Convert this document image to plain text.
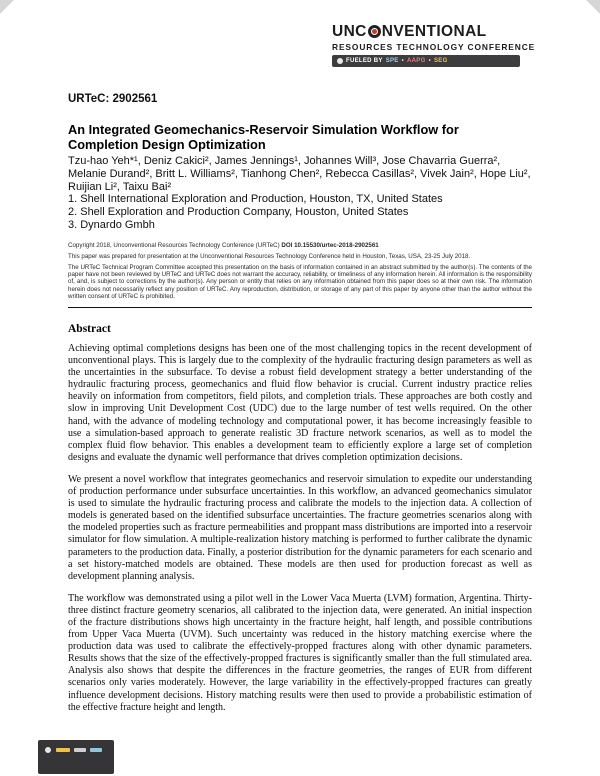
UNC NVENTIONAL
RESOURCES TECHNOLOGY CONFERENCE
FUELED BY SPE • AAPG • SEG
URTeC: 2902561
An Integrated Geomechanics-Reservoir Simulation Workflow for Completion Design Optimization
Tzu-hao Yeh*¹, Deniz Cakici², James Jennings¹, Johannes Will³, Jose Chavarria Guerra², Melanie Durand², Britt L. Williams², Tianhong Chen², Rebecca Casillas², Vivek Jain², Hope Liu², Ruijian Li², Taixu Bai²
1. Shell International Exploration and Production, Houston, TX, United States
2. Shell Exploration and Production Company, Houston, United States
3. Dynardo Gmbh

Copyright 2018, Unconventional Resources Technology Conference (URTeC) DOI 10.15530/urtec-2018-2902561

This paper was prepared for presentation at the Unconventional Resources Technology Conference held in Houston, Texas, USA, 23-25 July 2018.

The URTeC Technical Program Committee accepted this presentation on the basis of information contained in an abstract submitted by the author(s). The contents of the paper have not been reviewed by URTeC and URTeC does not warrant the accuracy, reliability, or timeliness of any information herein. All information is the responsibility of, and, is subject to corrections by the author(s). Any person or entity that relies on any information obtained from this paper does so at their own risk. The information herein does not necessarily reflect any position of URTeC. Any reproduction, distribution, or storage of any part of this paper by anyone other than the author without the written consent of URTeC is prohibited.

Abstract

Achieving optimal completions designs has been one of the most challenging topics in the recent development of unconventional plays. This is largely due to the complexity of the hydraulic fracturing design parameters as well as the uncertainties in the subsurface. To devise a robust field development strategy a better understanding of the hydraulic fracturing process, geomechanics and fluid flow behavior is crucial. Current industry practice relies heavily on information from competitors, field pilots, and completion trials. These approaches are both costly and slow in improving Unit Development Cost (UDC) due to the large number of test wells required. On the other hand, with the advance of modeling technology and computational power, it has become increasingly feasible to use a simulation-based approach to generate realistic 3D fracture network scenarios, as well as to model the complex fluid flow behavior. This enables a development team to efficiently explore a large set of completion designs and evaluate the dynamic well performance that drives completion optimization decisions.

We present a novel workflow that integrates geomechanics and reservoir simulation to expedite our understanding of production performance under subsurface uncertainties. In this workflow, an advanced geomechanics simulator is used to simulate the hydraulic fracturing process and calibrate the models to the injection data. A collection of models is generated based on the identified subsurface uncertainties. The fracture geometries scenarios along with the modeled properties such as fracture permeabilities and proppant mass distributions are imported into a reservoir simulator for flow simulation. A multiple-realization history matching is performed to further calibrate the dynamic parameters to the production data. Finally, a posterior distribution for the dynamic parameters for each scenario and a set history-matched models are obtained. These models are then used for production forecast as well as development planning analysis.

The workflow was demonstrated using a pilot well in the Lower Vaca Muerta (LVM) formation, Argentina. Thirty-three distinct fracture geometry scenarios, all calibrated to the injection data, were generated. An initial inspection of the fracture distributions shows high uncertainty in the fracture height, half length, and possible contributions from Upper Vaca Muerta (UVM). Such uncertainty was reduced in the history matching exercise where the production data was used to calibrate the effectively-propped fractures along with other dynamic parameters. Results shows that the size of the effectively-propped fractures is significantly smaller than the full stimulated area. Analysis also shows that despite the differences in the fracture geometries, the ranges of EUR from different scenarios only varies moderately. However, the large variability in the effectively-propped fractures can greatly influence development decisions. History matching results were then used to provide a probabilistic estimation of the effective fracture height and length.
